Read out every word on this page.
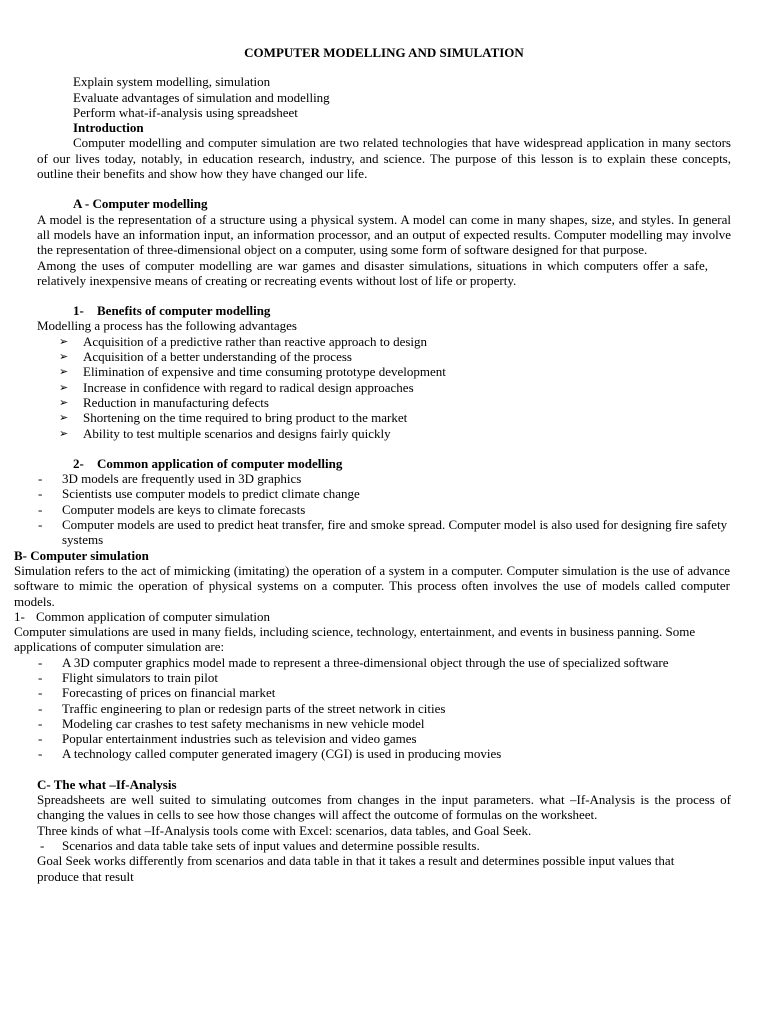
COMPUTER MODELLING AND SIMULATION
Explain system modelling, simulation
Evaluate advantages of simulation and modelling
Perform what-if-analysis using spreadsheet
Introduction
Computer modelling and computer simulation are two related technologies that have widespread application in many sectors of our lives today, notably, in education research, industry, and science. The purpose of this lesson is to explain these concepts, outline their benefits and show how they have changed our life.
A - Computer modelling
A model is the representation of a structure using a physical system. A model can come in many shapes, size, and styles. In general all models have an information input, an information processor, and an output of expected results. Computer modelling may involve the representation of three-dimensional object on a computer, using some form of software designed for that purpose.
Among the uses of computer modelling are war games and disaster simulations, situations in which computers offer a safe, relatively inexpensive means of creating or recreating events without lost of life or property.
1- Benefits of computer modelling
Modelling a process has the following advantages
➢ Acquisition of a predictive rather than reactive approach to design
➢ Acquisition of a better understanding of the process
➢ Elimination of expensive and time consuming prototype development
➢ Increase in confidence with regard to radical design approaches
➢ Reduction in manufacturing defects
➢ Shortening on the time required to bring product to the market
➢ Ability to test multiple scenarios and designs fairly quickly
2- Common application of computer modelling
- 3D models are frequently used in 3D graphics
- Scientists use computer models to predict climate change
- Computer models are keys to climate forecasts
- Computer models are used to predict heat transfer, fire and smoke spread. Computer model is also used for designing fire safety systems
B- Computer simulation
Simulation refers to the act of mimicking (imitating) the operation of a system in a computer. Computer simulation is the use of advance software to mimic the operation of physical systems on a computer. This process often involves the use of models called computer models.
1- Common application of computer simulation
Computer simulations are used in many fields, including science, technology, entertainment, and events in business panning. Some applications of computer simulation are:
- A 3D computer graphics model made to represent a three-dimensional object through the use of specialized software
- Flight simulators to train pilot
- Forecasting of prices on financial market
- Traffic engineering to plan or redesign parts of the street network in cities
- Modeling car crashes to test safety mechanisms in new vehicle model
- Popular entertainment industries such as television and video games
- A technology called computer generated imagery (CGI) is used in producing movies
C- The what –If-Analysis
Spreadsheets are well suited to simulating outcomes from changes in the input parameters. what –If-Analysis is the process of changing the values in cells to see how those changes will affect the outcome of formulas on the worksheet.
Three kinds of what –If-Analysis tools come with Excel: scenarios, data tables, and Goal Seek.
- Scenarios and data table take sets of input values and determine possible results.
Goal Seek works differently from scenarios and data table in that it takes a result and determines possible input values that produce that result
